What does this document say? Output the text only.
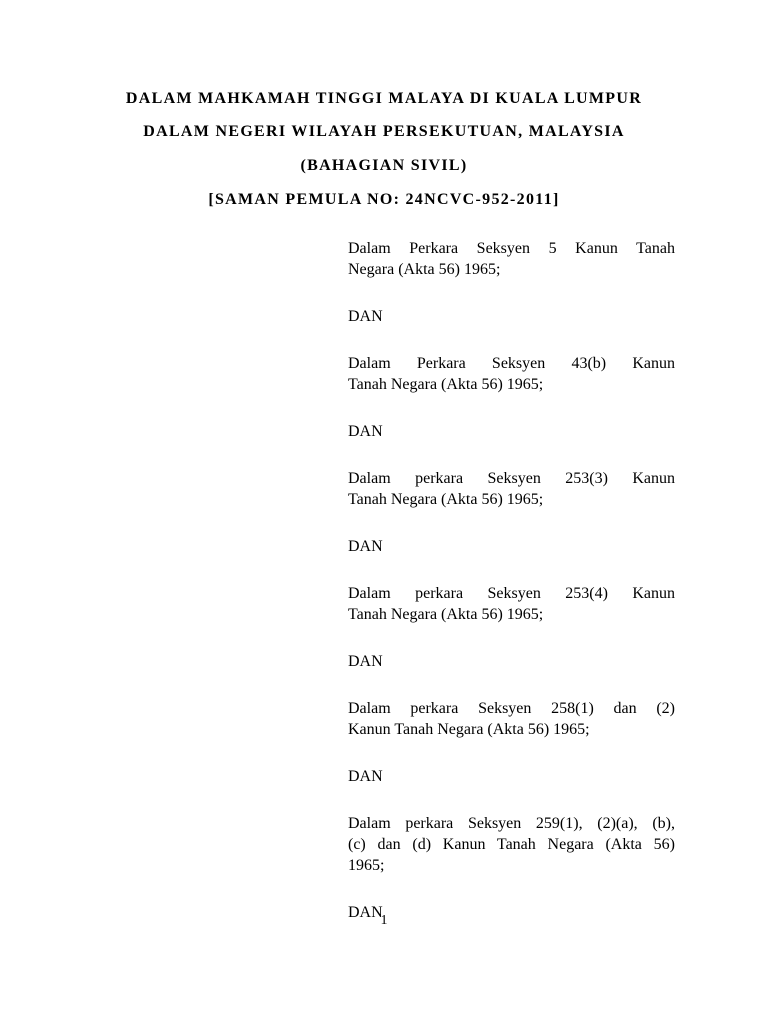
DALAM MAHKAMAH TINGGI MALAYA DI KUALA LUMPUR
DALAM NEGERI WILAYAH PERSEKUTUAN, MALAYSIA
(BAHAGIAN SIVIL)
[SAMAN PEMULA NO: 24NCVC-952-2011]
Dalam Perkara Seksyen 5 Kanun Tanah
Negara (Akta 56) 1965;
DAN
Dalam Perkara Seksyen 43(b) Kanun
Tanah Negara (Akta 56) 1965;
DAN
Dalam perkara Seksyen 253(3) Kanun
Tanah Negara (Akta 56) 1965;
DAN
Dalam perkara Seksyen 253(4) Kanun
Tanah Negara (Akta 56) 1965;
DAN
Dalam perkara Seksyen 258(1) dan (2)
Kanun Tanah Negara (Akta 56) 1965;
DAN
Dalam perkara Seksyen 259(1), (2)(a), (b),
(c) dan (d) Kanun Tanah Negara (Akta 56)
1965;
DAN
1
